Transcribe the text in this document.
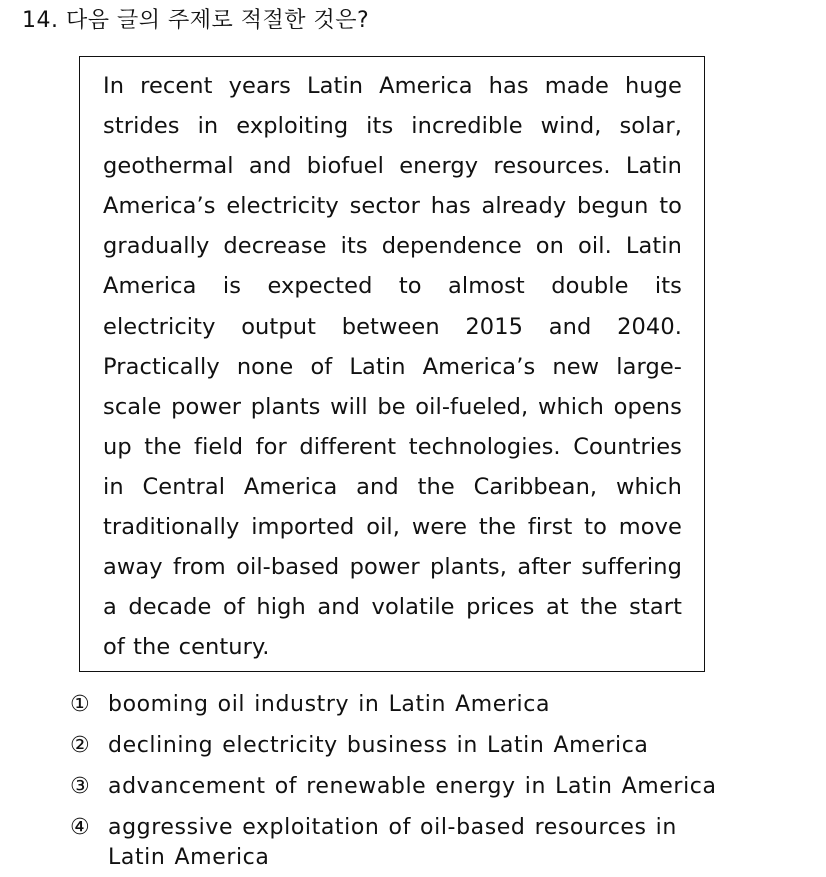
14. 다음 글의 주제로 적절한 것은?
In recent years Latin America has made huge strides in exploiting its incredible wind, solar, geothermal and biofuel energy resources. Latin America’s electricity sector has already begun to gradually decrease its dependence on oil. Latin America is expected to almost double its electricity output between 2015 and 2040. Practically none of Latin America’s new large-scale power plants will be oil-fueled, which opens up the field for different technologies. Countries in Central America and the Caribbean, which traditionally imported oil, were the first to move away from oil-based power plants, after suffering a decade of high and volatile prices at the start of the century.
① booming oil industry in Latin America
② declining electricity business in Latin America
③ advancement of renewable energy in Latin America
④ aggressive exploitation of oil-based resources in Latin America
